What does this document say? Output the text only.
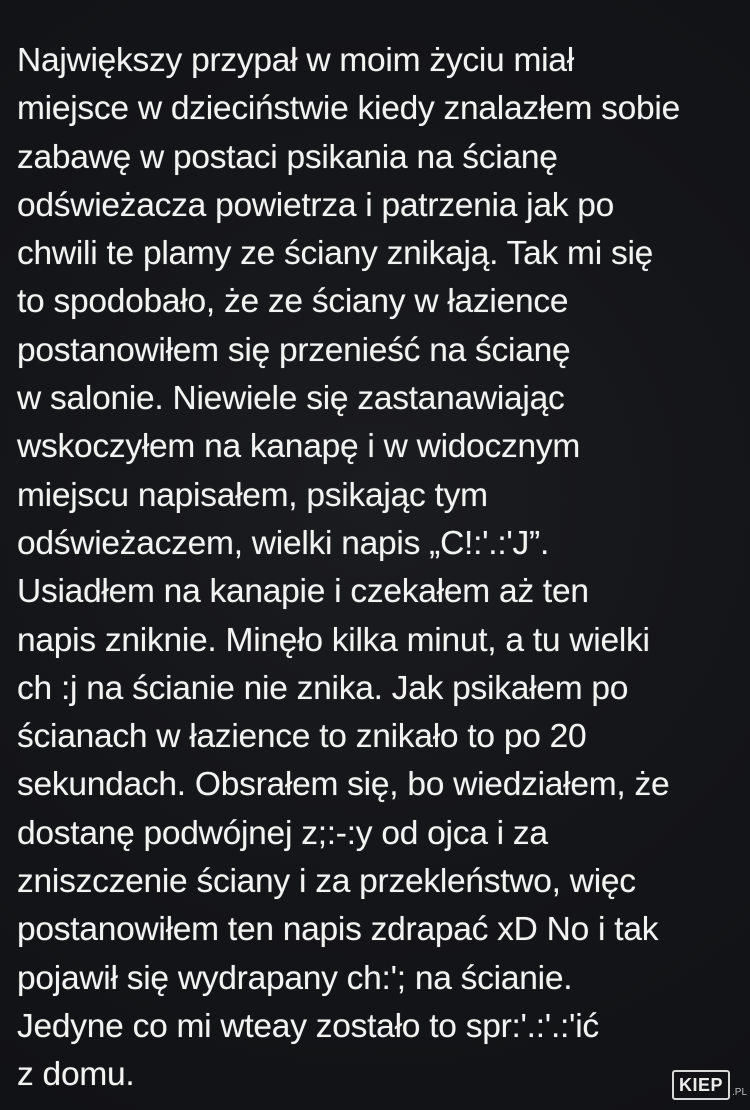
Największy przypał w moim życiu miał
miejsce w dzieciństwie kiedy znalazłem sobie
zabawę w postaci psikania na ścianę
odświeżacza powietrza i patrzenia jak po
chwili te plamy ze ściany znikają. Tak mi się
to spodobało, że ze ściany w łazience
postanowiłem się przenieść na ścianę
w salonie. Niewiele się zastanawiając
wskoczyłem na kanapę i w widocznym
miejscu napisałem, psikając tym
odświeżaczem, wielki napis „C!:'.:'J”.
Usiadłem na kanapie i czekałem aż ten
napis zniknie. Minęło kilka minut, a tu wielki
ch :j na ścianie nie znika. Jak psikałem po
ścianach w łazience to znikało to po 20
sekundach. Obsrałem się, bo wiedziałem, że
dostanę podwójnej z;:-:y od ojca i za
zniszczenie ściany i za przekleństwo, więc
postanowiłem ten napis zdrapać xD No i tak
pojawił się wydrapany ch:'; na ścianie.
Jedyne co mi wteay zostało to spr:'.:'.:'ić
z domu.	KIEP .PL
